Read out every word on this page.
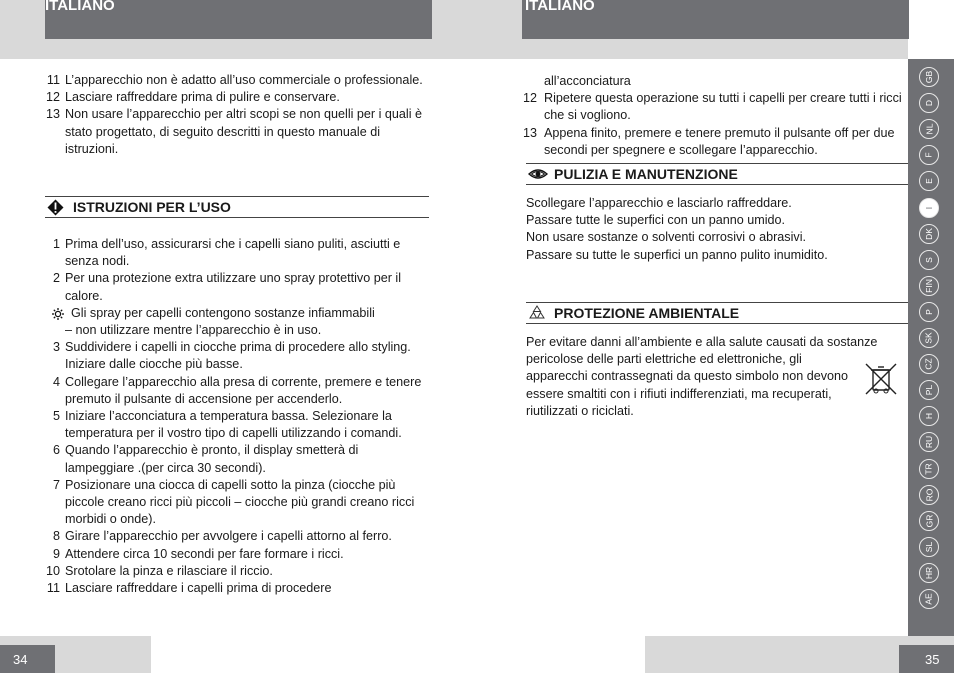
ITALIANO	ITALIANO
11 L’apparecchio non è adatto all’uso commerciale o professionale.
12 Lasciare raffreddare prima di pulire e conservare.
13 Non usare l’apparecchio per altri scopi se non quelli per i quali è stato progettato, di seguito descritti in questo manuale di istruzioni.
ISTRUZIONI PER L’USO
1 Prima dell’uso, assicurarsi che i capelli siano puliti, asciutti e senza nodi.
2 Per una protezione extra utilizzare uno spray protettivo per il calore.
Gli spray per capelli contengono sostanze infiammabili
– non utilizzare mentre l’apparecchio è in uso.
3 Suddividere i capelli in ciocche prima di procedere allo styling. Iniziare dalle ciocche più basse.
4 Collegare l’apparecchio alla presa di corrente, premere e tenere premuto il pulsante di accensione per accenderlo.
5 Iniziare l’acconciatura a temperatura bassa. Selezionare la temperatura per il vostro tipo di capelli utilizzando i comandi.
6 Quando l’apparecchio è pronto, il display smetterà di lampeggiare .(per circa 30 secondi).
7 Posizionare una ciocca di capelli sotto la pinza (ciocche più piccole creano ricci più piccoli – ciocche più grandi creano ricci morbidi o onde).
8 Girare l’apparecchio per avvolgere i capelli attorno al ferro.
9 Attendere circa 10 secondi per fare formare i ricci.
10 Srotolare la pinza e rilasciare il riccio.
11 Lasciare raffreddare i capelli prima di procedere
all’acconciatura
12 Ripetere questa operazione su tutti i capelli per creare tutti i ricci che si vogliono.
13 Appena finito, premere e tenere premuto il pulsante off per due secondi per spegnere e scollegare l’apparecchio.
PULIZIA E MANUTENZIONE

Scollegare l’apparecchio e lasciarlo raffreddare.

Passare tutte le superfici con un panno umido.

Non usare sostanze o solventi corrosivi o abrasivi.

Passare su tutte le superfici un panno pulito inumidito.

PROTEZIONE AMBIENTALE
Per evitare danni all’ambiente e alla salute causati da sostanze
pericolose delle parti elettriche ed elettroniche, gli apparecchi contrassegnati da questo simbolo non devono essere smaltiti con i rifiuti indifferenziati, ma recuperati, riutilizzati o riciclati.
GB
D
NL
F
E
I
DK
S
FIN
P
SK
CZ
PL
H
RU
TR
RO
GR
SL
HR
AE
34	35
